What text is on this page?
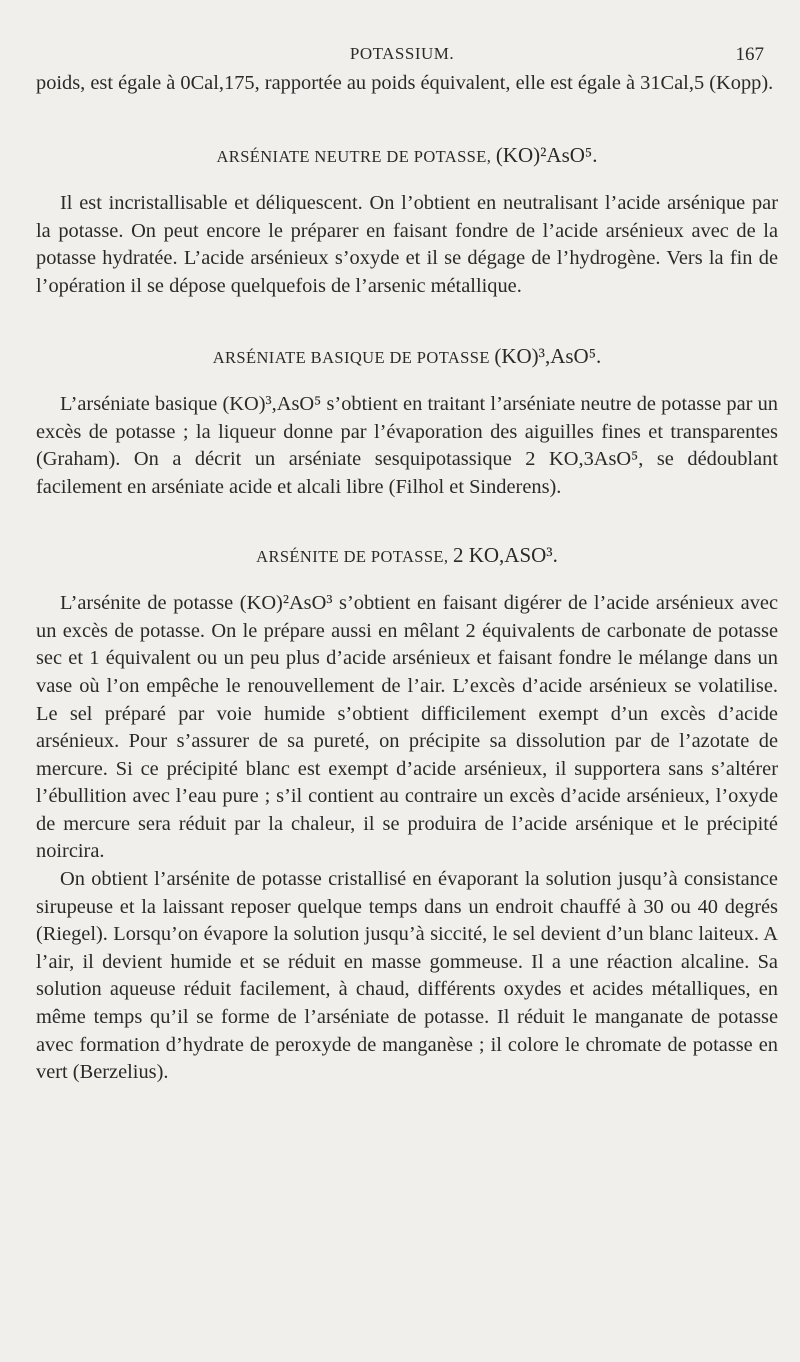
POTASSIUM.	167

poids, est égale à 0Cal,175, rapportée au poids équivalent, elle est égale à 31Cal,5 (Kopp).

ARSÉNIATE NEUTRE DE POTASSE, (KO)²AsO⁵.

Il est incristallisable et déliquescent. On l’obtient en neutralisant l’acide arsénique par la potasse. On peut encore le préparer en faisant fondre de l’acide arsénieux avec de la potasse hydratée. L’acide arsénieux s’oxyde et il se dégage de l’hydrogène. Vers la fin de l’opération il se dépose quelquefois de l’arsenic métallique.

ARSÉNIATE BASIQUE DE POTASSE (KO)³,AsO⁵.

L’arséniate basique (KO)³,AsO⁵ s’obtient en traitant l’arséniate neutre de potasse par un excès de potasse ; la liqueur donne par l’évaporation des aiguilles fines et transparentes (Graham). On a décrit un arséniate sesquipotassique 2 KO,3AsO⁵, se dédoublant facilement en arséniate acide et alcali libre (Filhol et Sinderens).

ARSÉNITE DE POTASSE, 2 KO,ASO³.

L’arsénite de potasse (KO)²AsO³ s’obtient en faisant digérer de l’acide arsénieux avec un excès de potasse. On le prépare aussi en mêlant 2 équivalents de carbonate de potasse sec et 1 équivalent ou un peu plus d’acide arsénieux et faisant fondre le mélange dans un vase où l’on empêche le renouvellement de l’air. L’excès d’acide arsénieux se volatilise. Le sel préparé par voie humide s’obtient difficilement exempt d’un excès d’acide arsénieux. Pour s’assurer de sa pureté, on précipite sa dissolution par de l’azotate de mercure. Si ce précipité blanc est exempt d’acide arsénieux, il supportera sans s’altérer l’ébullition avec l’eau pure ; s’il contient au contraire un excès d’acide arsénieux, l’oxyde de mercure sera réduit par la chaleur, il se produira de l’acide arsénique et le précipité noircira.

On obtient l’arsénite de potasse cristallisé en évaporant la solution jusqu’à consistance sirupeuse et la laissant reposer quelque temps dans un endroit chauffé à 30 ou 40 degrés (Riegel). Lorsqu’on évapore la solution jusqu’à siccité, le sel devient d’un blanc laiteux. A l’air, il devient humide et se réduit en masse gommeuse. Il a une réaction alcaline. Sa solution aqueuse réduit facilement, à chaud, différents oxydes et acides métalliques, en même temps qu’il se forme de l’arséniate de potasse. Il réduit le manganate de potasse avec formation d’hydrate de peroxyde de manganèse ; il colore le chromate de potasse en vert (Berzelius).
